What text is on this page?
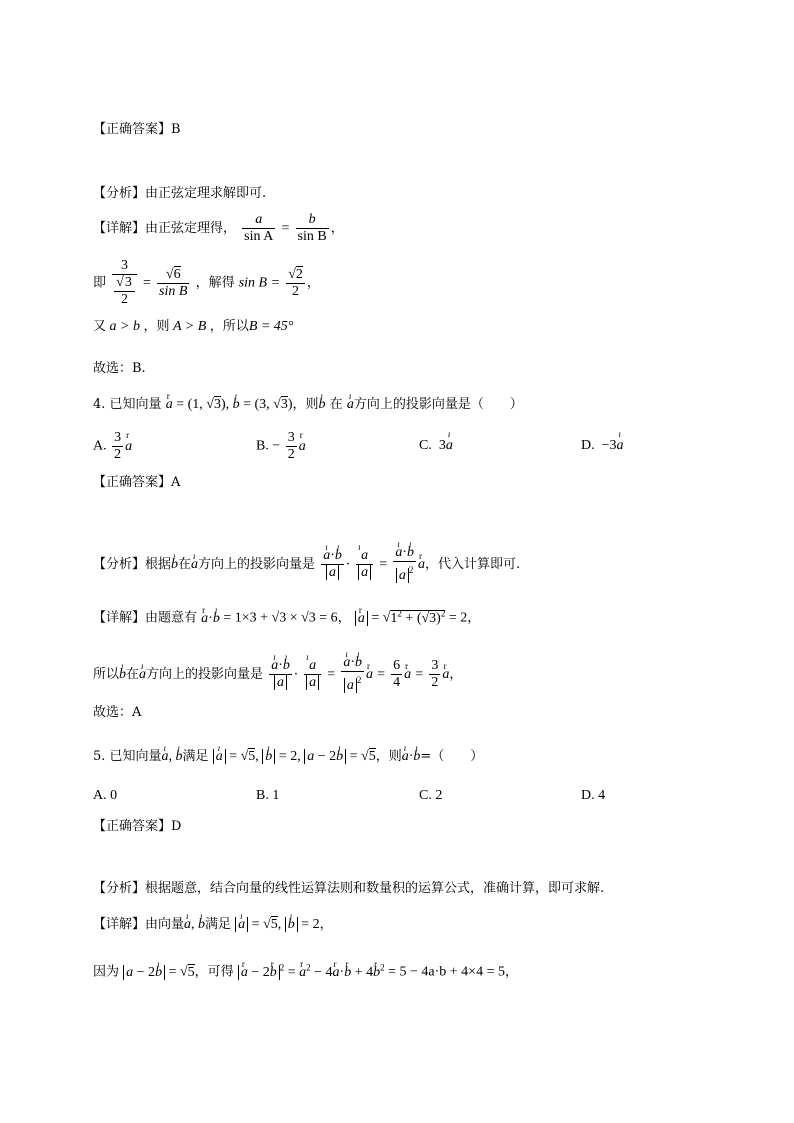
【正确答案】B
【分析】由正弦定理求解即可.
【详解】由正弦定理得， $\frac{a}{\text{sin A}} = \frac{b}{\text{sin B}}$ ，
即 $\frac{3}{\frac{√3}{2}} = \frac{√6}{\text{sin B}}$ ，解得 $\sin B = \frac{√2}{2}$ ，
又 a > b ，则 A > B ，所以B = 45°
故选：B.
4. 已知向量 r a = (1, √3), ı b = (3, √3)，则ı b 在 ı a方向上的投影向量是（　　）
A. $\frac{3}{2}$ r a	B. − $\frac{3}{2}$ r a	C.  3ı a	D.  −3ı a
【正确答案】A
【分析】根据ı b在ı a方向上的投影向量是 ı $\frac{\text{a·ı b}}{a}$ · ı $\frac{a}{a}$ = ı $\frac{\text{a·ı b}}{a ^2}$ r a，代入计算即可.
【详解】由题意有 r a·ı b = 1×3 + √3 × √3 = 6， r $a = √1^2 + (√3)^2 = 2$，
所以ı b在ı a方向上的投影向量是 ı $\frac{\text{a·ı b}}{a}$ · ı $\frac{a}{a}$ = ı $\frac{\text{a·ı b}}{a ^2}$ r $a = \frac{6}{4}$ r $a = \frac{3}{2}$ r a，
故选：A
5. 已知向量ı a, ı b满足 ı a = √5, ı b = 2, a − 2ı b = √5，则ı a·ı b=（　　）
A. 0	B. 1	C. 2	D. 4
【正确答案】D
【分析】根据题意，结合向量的线性运算法则和数量积的运算公式，准确计算，即可求解.
【详解】由向量ı a, ı b满足 ı a = √5, ı b = 2，
因为 a − 2ı b = √5，可得 r a − 2r b $^2$ = r $a^2 - 4r$ a·r b + 4r $b^2 = 5 - 4a\cdot b + 4\times 4 = 5$，
